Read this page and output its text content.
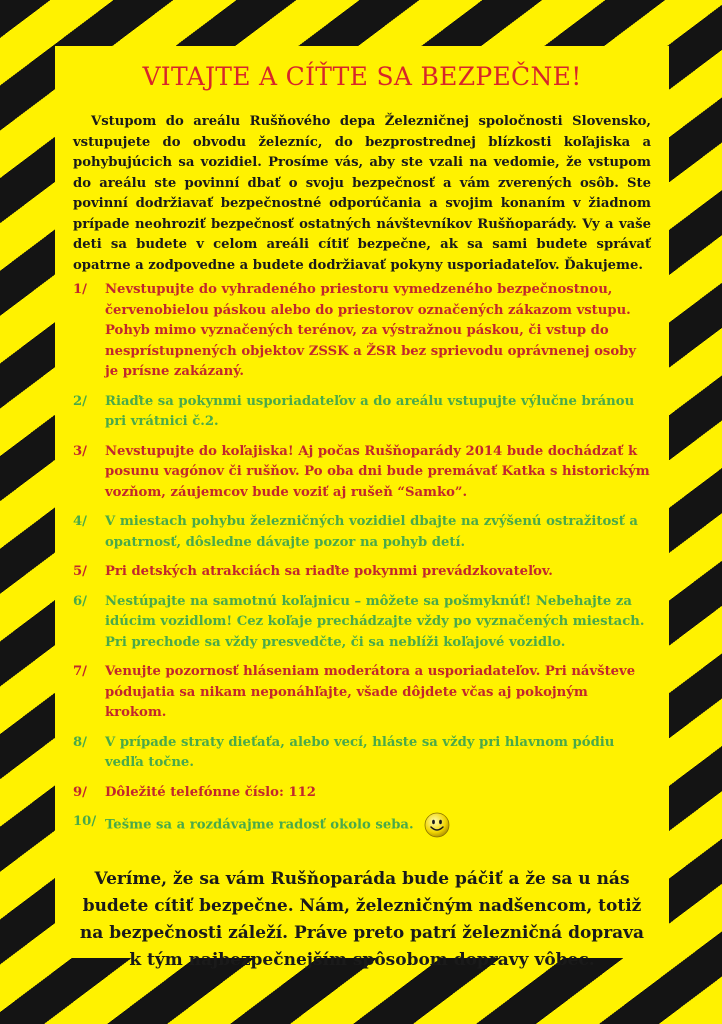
VITAJTE A CÍŤTE SA BEZPEČNE!

Vstupom do areálu Rušňového depa Železničnej spoločnosti Slovensko, vstupujete do obvodu železníc, do bezprostrednej blízkosti koľajiska a pohybujúcich sa vozidiel. Prosíme vás, aby ste vzali na vedomie, že vstupom do areálu ste povinní dbať o svoju bezpečnosť a vám zverených osôb. Ste povinní dodržiavať bezpečnostné odporúčania a svojim konaním v žiadnom prípade neohroziť bezpečnosť ostatných návštevníkov Rušňoparády. Vy a vaše deti sa budete v celom areáli cítiť bezpečne, ak sa sami budete správať opatrne a zodpovedne a budete dodržiavať pokyny usporiadateľov. Ďakujeme.

1/	Nevstupujte do vyhradeného priestoru vymedzeného bezpečnostnou, červenobielou páskou alebo do priestorov označených zákazom vstupu. Pohyb mimo vyznačených terénov, za výstražnou páskou, či vstup do nesprístupnených objektov ZSSK a ŽSR bez sprievodu oprávnenej osoby je prísne zakázaný.
2/	Riaďte sa pokynmi usporiadateľov a do areálu vstupujte výlučne bránou pri vrátnici č.2.
3/	Nevstupujte do koľajiska! Aj počas Rušňoparády 2014 bude dochádzať k posunu vagónov či rušňov. Po oba dni bude premávať Katka s historickým vozňom, záujemcov bude voziť aj rušeň “Samko”.
4/	V miestach pohybu železničných vozidiel dbajte na zvýšenú ostražitosť a opatrnosť, dôsledne dávajte pozor na pohyb detí.
5/	Pri detských atrakciách sa riaďte pokynmi prevádzkovateľov.
6/	Nestúpajte na samotnú koľajnicu – môžete sa pošmyknúť! Nebehajte za idúcim vozidlom! Cez koľaje prechádzajte vždy po vyznačených miestach. Pri prechode sa vždy presvedčte, či sa neblíži koľajové vozidlo.
7/	Venujte pozornosť hláseniam moderátora a usporiadateľov. Pri návšteve pódujatia sa nikam neponáhľajte, všade dôjdete včas aj pokojným krokom.
8/	V prípade straty dieťaťa, alebo vecí, hláste sa vždy pri hlavnom pódiu vedľa točne.
9/	Dôležité telefónne číslo: 112
10/ Tešme sa a rozdávajme radosť okolo seba.

Veríme, že sa vám Rušňoparáda bude páčiť a že sa u nás budete cítiť bezpečne. Nám, železničným nadšencom, totiž na bezpečnosti záleží. Práve preto patrí železničná doprava k tým najbezpečnejším spôsobom dopravy vôbec.
